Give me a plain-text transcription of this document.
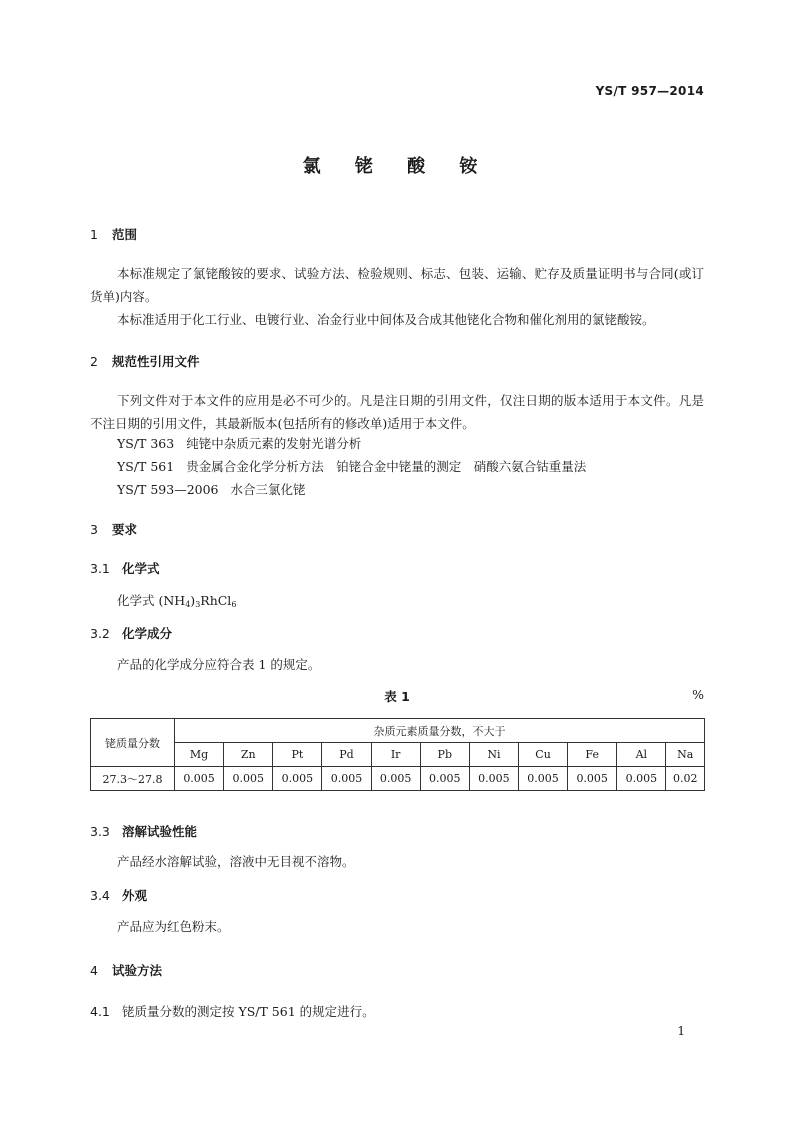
YS/T 957—2014
氯 铑 酸 铵
1 范围

本标准规定了氯铑酸铵的要求、试验方法、检验规则、标志、包装、运输、贮存及质量证明书与合同(或订货单)内容。

本标准适用于化工行业、电镀行业、冶金行业中间体及合成其他铑化合物和催化剂用的氯铑酸铵。

2 规范性引用文件

下列文件对于本文件的应用是必不可少的。凡是注日期的引用文件，仅注日期的版本适用于本文件。凡是不注日期的引用文件，其最新版本(包括所有的修改单)适用于本文件。

YS/T 363 纯铑中杂质元素的发射光谱分析
YS/T 561 贵金属合金化学分析方法　铂铑合金中铑量的测定　硝酸六氨合钴重量法
YS/T 593—2006 水合三氯化铑
3 要求
3.1 化学式
化学式 $(NH_4)_3RhCl_6$
3.2 化学成分
产品的化学成分应符合表 1 的规定。
表 1	%
铑质量分数	杂质元素质量分数，不大于										
	Mg	Zn	Pt	Pd	Ir	Pb	Ni	Cu	Fe	Al	Na
27.3～27.8	0.005	0.005	0.005	0.005	0.005	0.005	0.005	0.005	0.005	0.005	0.02
3.3 溶解试验性能
产品经水溶解试验，溶液中无目视不溶物。
3.4 外观
产品应为红色粉末。
4 试验方法
4.1 铑质量分数的测定按 YS/T 561 的规定进行。
1
